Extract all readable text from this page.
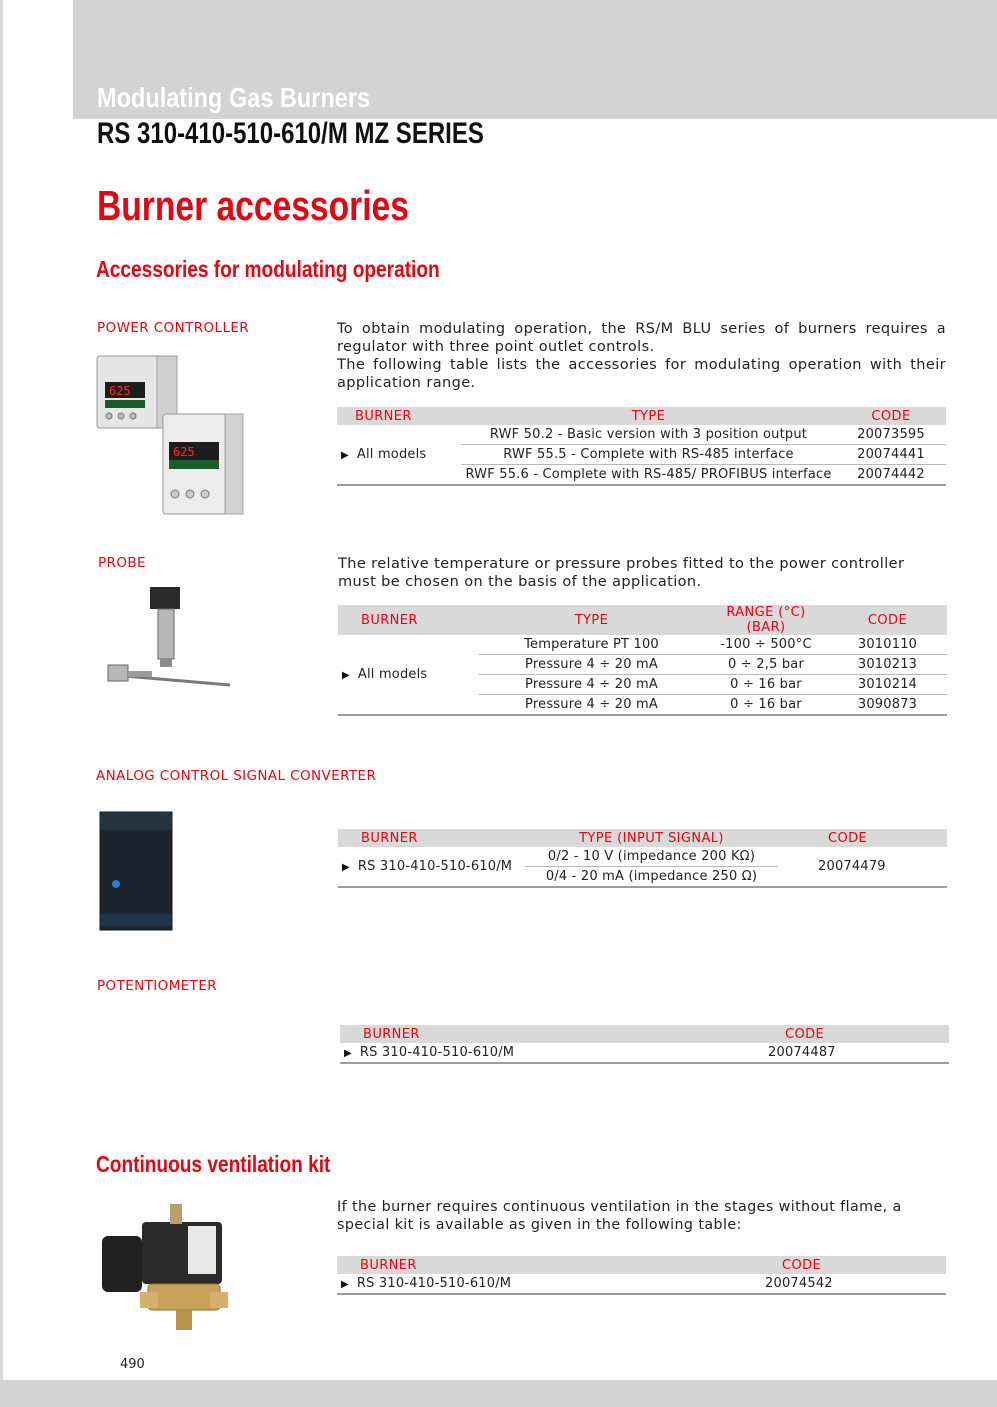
Modulating Gas Burners
RS 310-410-510-610/M MZ SERIES
Burner accessories
Accessories for modulating operation
POWER CONTROLLER
625
625
To obtain modulating operation, the RS/M BLU series of burners requires a regulator with three point outlet controls.
The following table lists the accessories for modulating operation with their application range.
BURNER	TYPE	CODE
▶ All models	RWF 50.2 - Basic version with 3 position output	20073595
	RWF 55.5 - Complete with RS-485 interface	20074441
	RWF 55.6 - Complete with RS-485/ PROFIBUS interface	20074442
PROBE	The relative temperature or pressure probes fitted to the power controller must be chosen on the basis of the application.
BURNER	TYPE	RANGE (°C) (BAR)	CODE
▶ All models	Temperature PT 100	-100 ÷ 500°C	3010110
	Pressure 4 ÷ 20 mA	0 ÷ 2,5 bar	3010213
	Pressure 4 ÷ 20 mA	0 ÷ 16 bar	3010214
	Pressure 4 ÷ 20 mA	0 ÷ 16 bar	3090873
ANALOG CONTROL SIGNAL CONVERTER
BURNER	TYPE (INPUT SIGNAL)	CODE
▶ RS 310-410-510-610/M	0/2 - 10 V (impedance 200 KΩ)	20074479
	0/4 - 20 mA (impedance 250 Ω)	
POTENTIOMETER
BURNER	CODE
▶ RS 310-410-510-610/M	20074487
Continuous ventilation kit
If the burner requires continuous ventilation in the stages without flame, a special kit is available as given in the following table:
BURNER	CODE
▶ RS 310-410-510-610/M	20074542
490
